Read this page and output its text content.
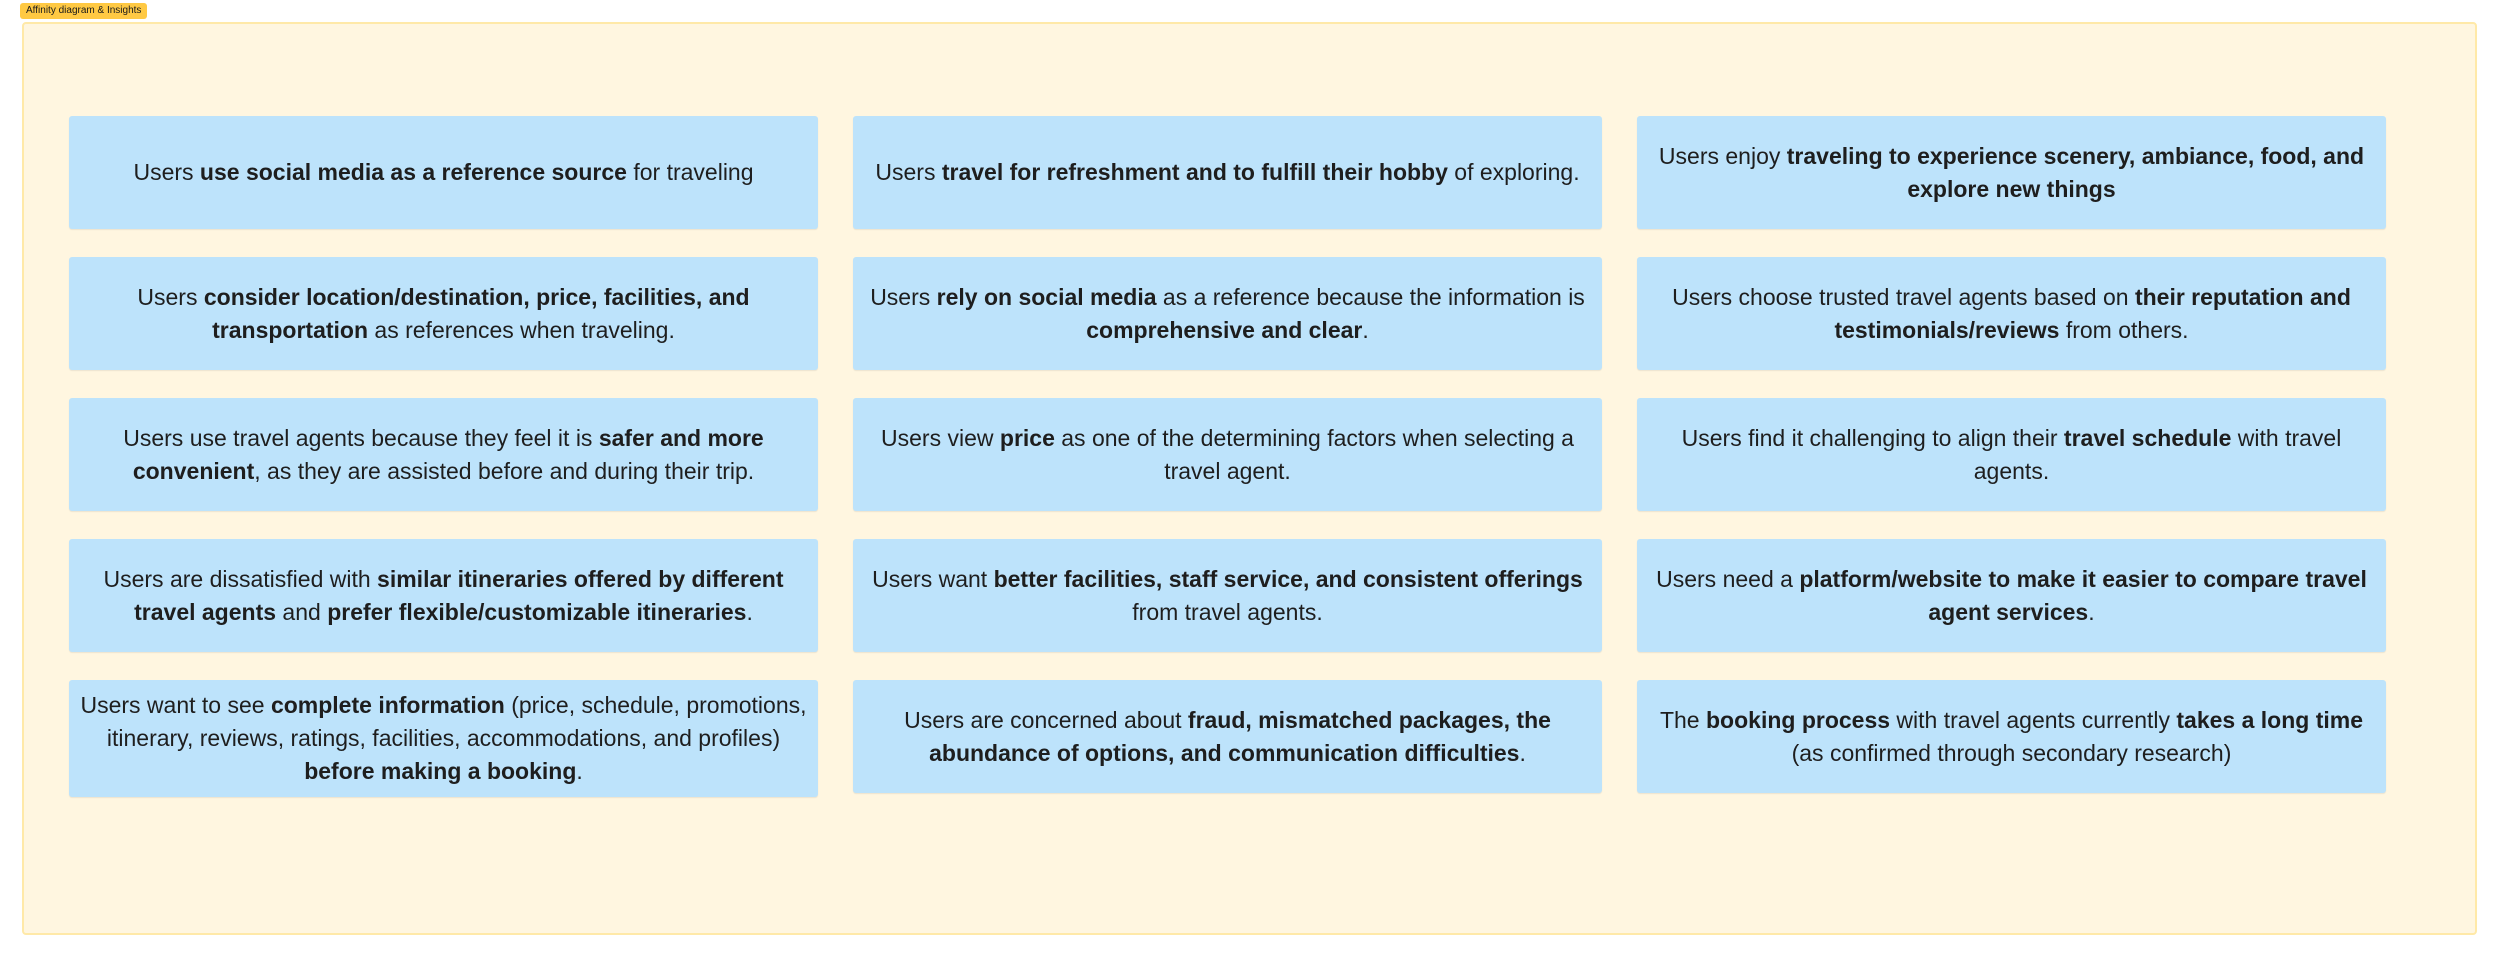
Affinity diagram & Insights
Users use social media as a reference source for traveling	Users travel for refreshment and to fulfill their hobby of exploring.
Users enjoy traveling to experience scenery, ambiance, food, and explore new things
Users consider location/destination, price, facilities, and transportation as references when traveling.
Users rely on social media as a reference because the information is comprehensive and clear.
Users choose trusted travel agents based on their reputation and testimonials/reviews from others.
Users use travel agents because they feel it is safer and more convenient, as they are assisted before and during their trip.
Users view price as one of the determining factors when selecting a travel agent.
Users find it challenging to align their travel schedule with travel agents.
Users are dissatisfied with similar itineraries offered by different travel agents and prefer flexible/customizable itineraries.
Users want better facilities, staff service, and consistent offerings from travel agents.
Users need a platform/website to make it easier to compare travel agent services.
Users want to see complete information (price, schedule, promotions, itinerary, reviews, ratings, facilities, accommodations, and profiles) before making a booking.
Users are concerned about fraud, mismatched packages, the abundance of options, and communication difficulties.
The booking process with travel agents currently takes a long time (as confirmed through secondary research)
